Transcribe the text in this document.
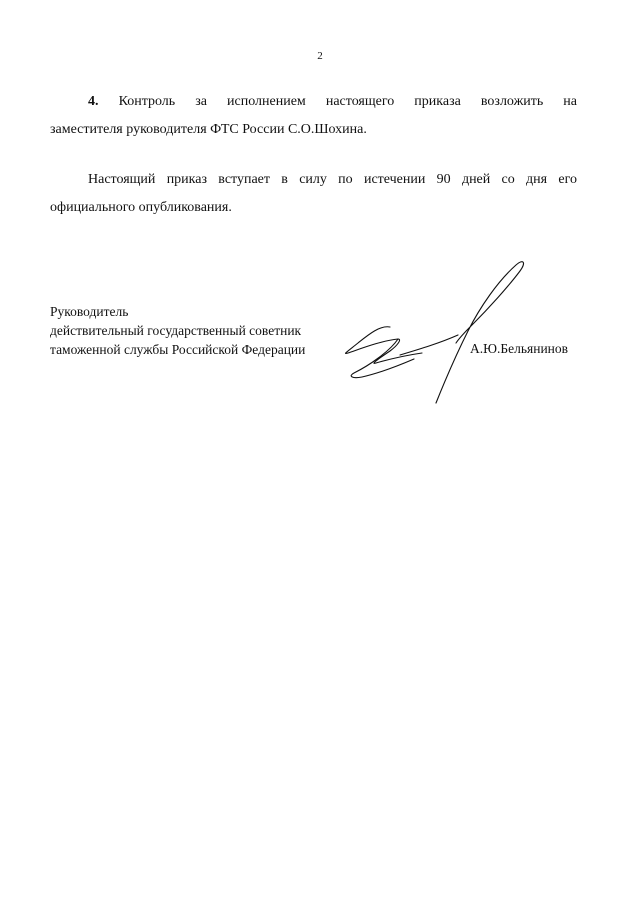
2

4. Контроль за исполнением настоящего приказа возложить на
заместителя руководителя ФТС России С.О.Шохина.

Настоящий приказ вступает в силу по истечении 90 дней со дня его
официального опубликования.

Руководитель
действительный государственный советник
таможенной службы Российской Федерации	А.Ю.Бельянинов
